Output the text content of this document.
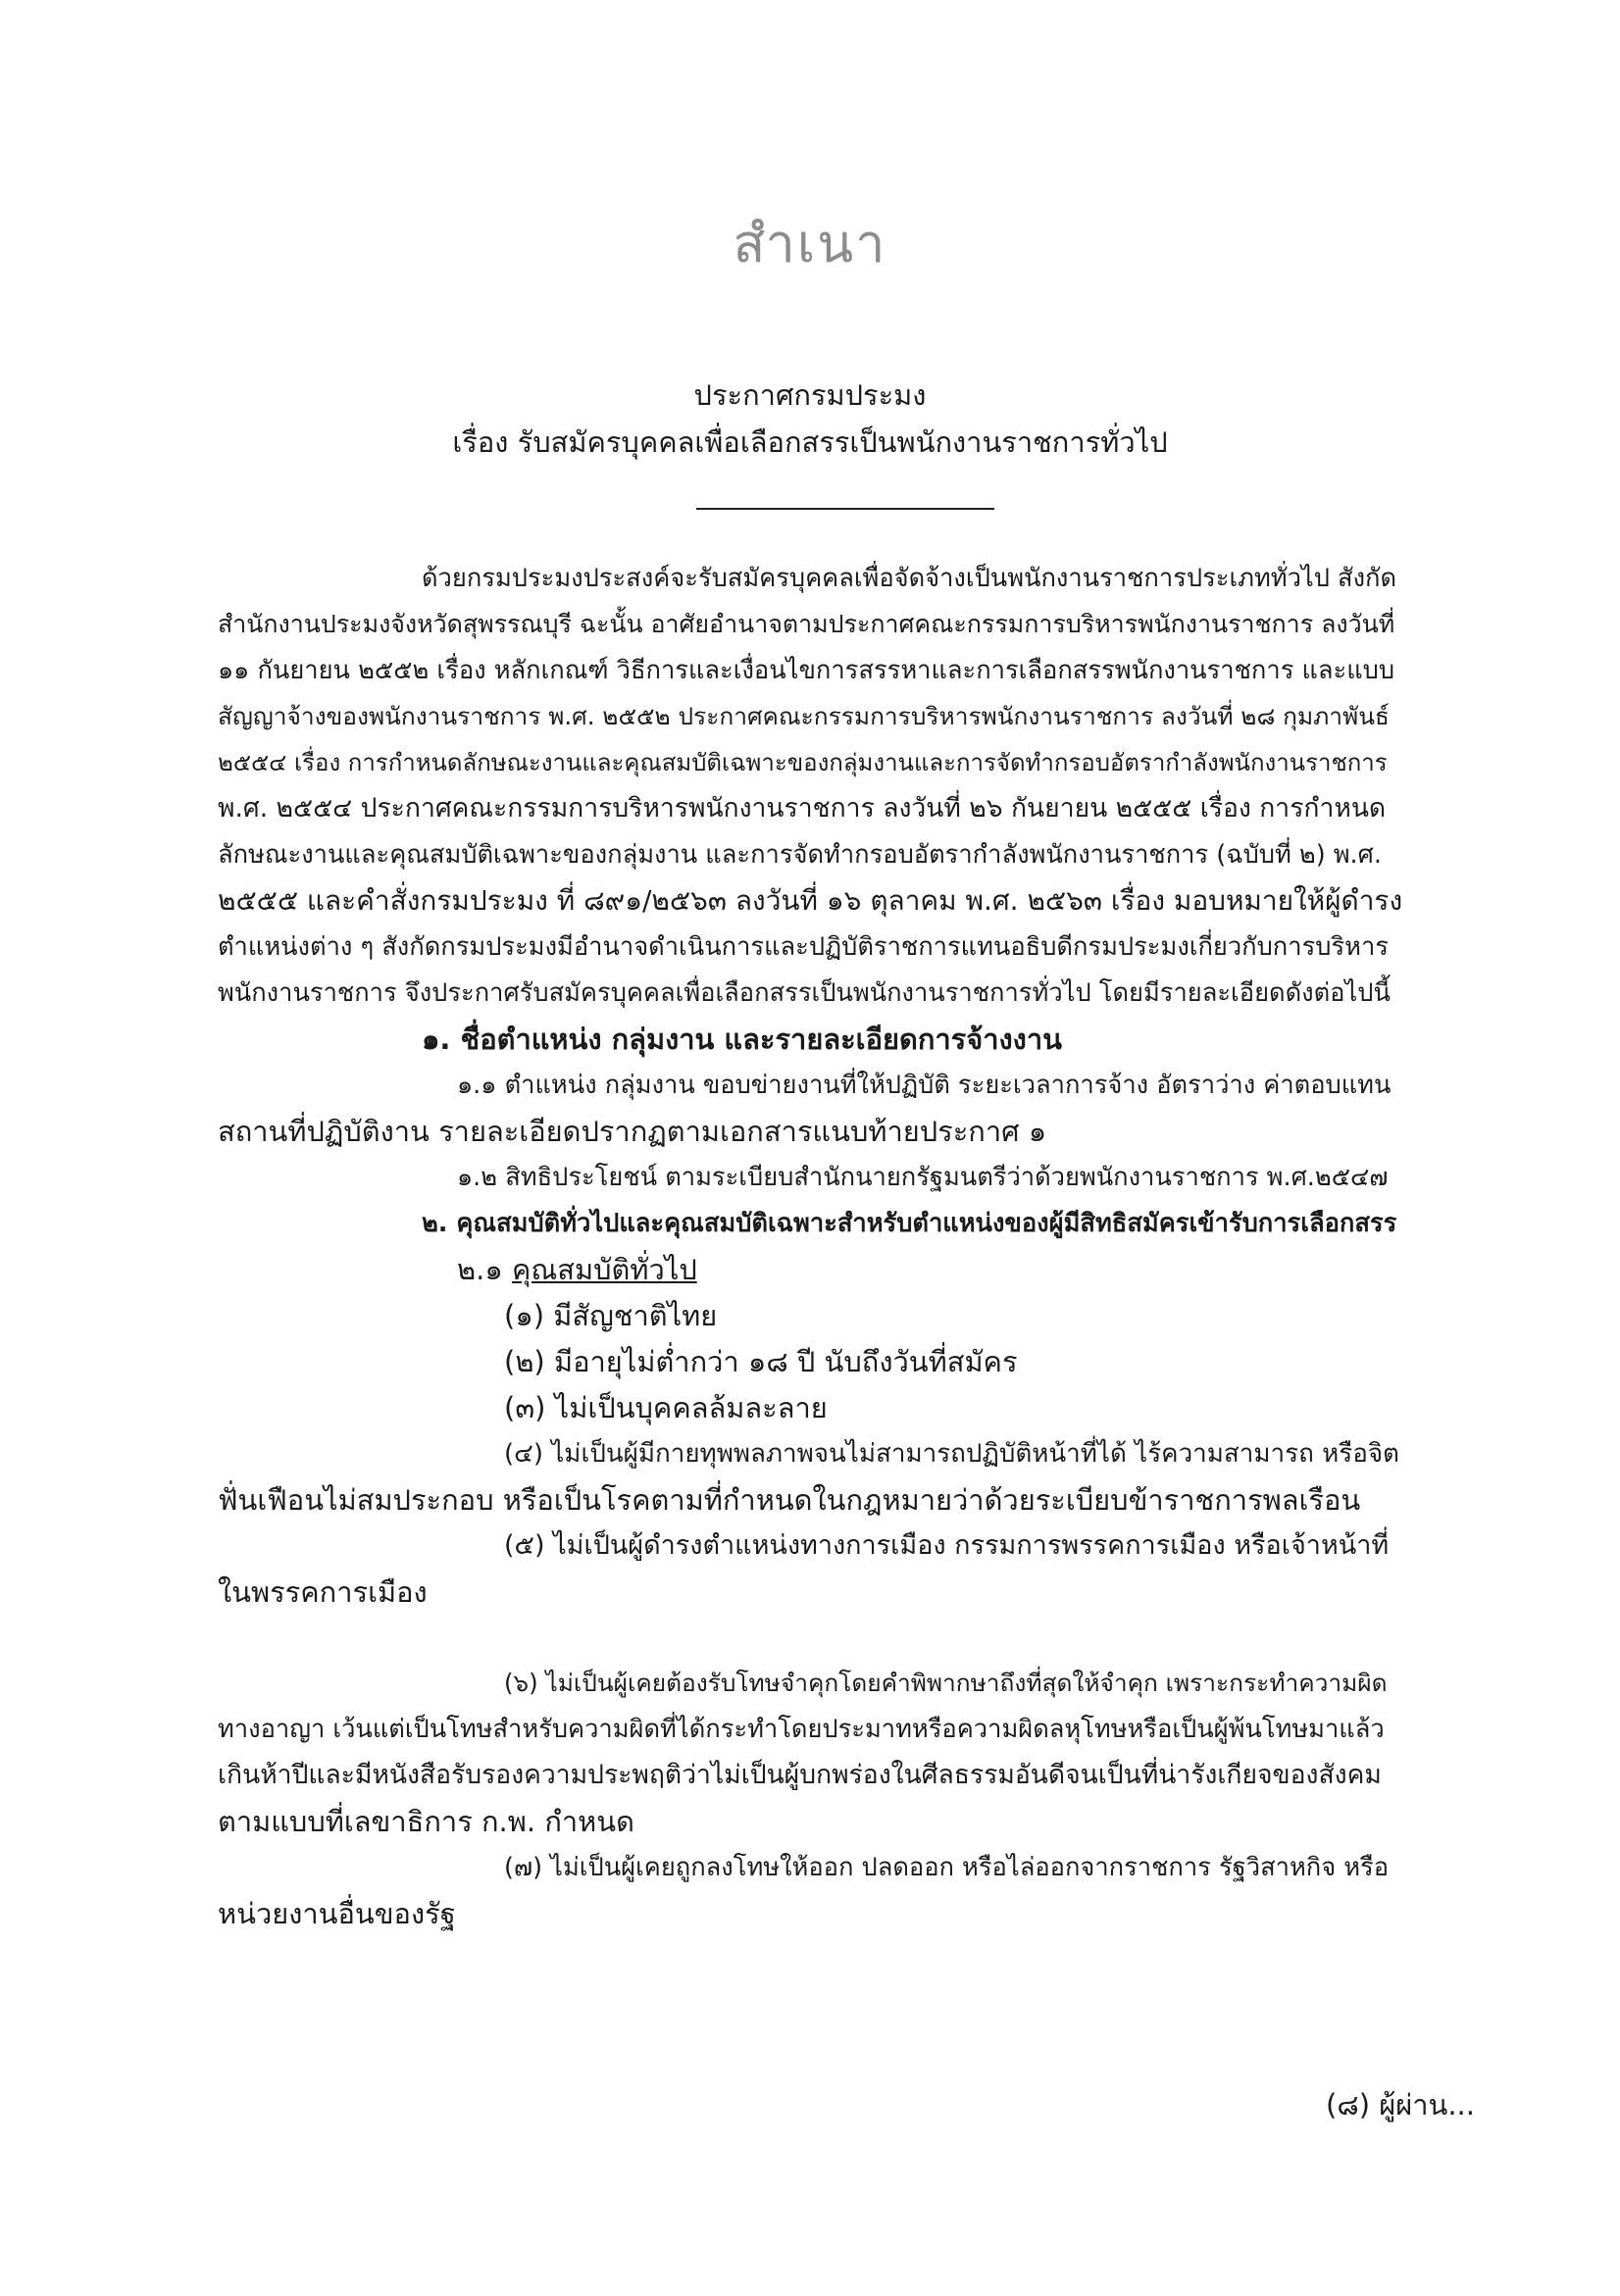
สำเนา
ประกาศกรมประมง
เรื่อง รับสมัครบุคคลเพื่อเลือกสรรเป็นพนักงานราชการทั่วไป
ด้วยกรมประมงประสงค์จะรับสมัครบุคคลเพื่อจัดจ้างเป็นพนักงานราชการประเภททั่วไป สังกัด
สำนักงานประมงจังหวัดสุพรรณบุรี ฉะนั้น อาศัยอำนาจตามประกาศคณะกรรมการบริหารพนักงานราชการ ลงวันที่
๑๑ กันยายน ๒๕๕๒ เรื่อง หลักเกณฑ์ วิธีการและเงื่อนไขการสรรหาและการเลือกสรรพนักงานราชการ และแบบ
สัญญาจ้างของพนักงานราชการ พ.ศ. ๒๕๕๒ ประกาศคณะกรรมการบริหารพนักงานราชการ ลงวันที่ ๒๘ กุมภาพันธ์
๒๕๕๔ เรื่อง การกำหนดลักษณะงานและคุณสมบัติเฉพาะของกลุ่มงานและการจัดทำกรอบอัตรากำลังพนักงานราชการ
พ.ศ. ๒๕๕๔ ประกาศคณะกรรมการบริหารพนักงานราชการ ลงวันที่ ๒๖ กันยายน ๒๕๕๕ เรื่อง การกำหนด
ลักษณะงานและคุณสมบัติเฉพาะของกลุ่มงาน และการจัดทำกรอบอัตรากำลังพนักงานราชการ (ฉบับที่ ๒) พ.ศ.
๒๕๕๕ และคำสั่งกรมประมง ที่ ๘๙๑/๒๕๖๓ ลงวันที่ ๑๖ ตุลาคม พ.ศ. ๒๕๖๓ เรื่อง มอบหมายให้ผู้ดำรง
ตำแหน่งต่าง ๆ สังกัดกรมประมงมีอำนาจดำเนินการและปฏิบัติราชการแทนอธิบดีกรมประมงเกี่ยวกับการบริหาร
พนักงานราชการ จึงประกาศรับสมัครบุคคลเพื่อเลือกสรรเป็นพนักงานราชการทั่วไป โดยมีรายละเอียดดังต่อไปนี้
๑. ชื่อตำแหน่ง กลุ่มงาน และรายละเอียดการจ้างงาน
๑.๑ ตำแหน่ง กลุ่มงาน ขอบข่ายงานที่ให้ปฏิบัติ ระยะเวลาการจ้าง อัตราว่าง ค่าตอบแทน
สถานที่ปฏิบัติงาน รายละเอียดปรากฏตามเอกสารแนบท้ายประกาศ ๑
๑.๒ สิทธิประโยชน์ ตามระเบียบสำนักนายกรัฐมนตรีว่าด้วยพนักงานราชการ พ.ศ.๒๕๔๗
๒. คุณสมบัติทั่วไปและคุณสมบัติเฉพาะสำหรับตำแหน่งของผู้มีสิทธิสมัครเข้ารับการเลือกสรร
๒.๑ คุณสมบัติทั่วไป
(๑) มีสัญชาติไทย
(๒) มีอายุไม่ต่ำกว่า ๑๘ ปี นับถึงวันที่สมัคร
(๓) ไม่เป็นบุคคลล้มละลาย
(๔) ไม่เป็นผู้มีกายทุพพลภาพจนไม่สามารถปฏิบัติหน้าที่ได้ ไร้ความสามารถ หรือจิต
ฟั่นเฟือนไม่สมประกอบ หรือเป็นโรคตามที่กำหนดในกฎหมายว่าด้วยระเบียบข้าราชการพลเรือน
(๕) ไม่เป็นผู้ดำรงตำแหน่งทางการเมือง กรรมการพรรคการเมือง หรือเจ้าหน้าที่
ในพรรคการเมือง
(๖) ไม่เป็นผู้เคยต้องรับโทษจำคุกโดยคำพิพากษาถึงที่สุดให้จำคุก เพราะกระทำความผิด
ทางอาญา เว้นแต่เป็นโทษสำหรับความผิดที่ได้กระทำโดยประมาทหรือความผิดลหุโทษหรือเป็นผู้พ้นโทษมาแล้ว
เกินห้าปีและมีหนังสือรับรองความประพฤติว่าไม่เป็นผู้บกพร่องในศีลธรรมอันดีจนเป็นที่น่ารังเกียจของสังคม
ตามแบบที่เลขาธิการ ก.พ. กำหนด
(๗) ไม่เป็นผู้เคยถูกลงโทษให้ออก ปลดออก หรือไล่ออกจากราชการ รัฐวิสาหกิจ หรือ
หน่วยงานอื่นของรัฐ
(๘) ผู้ผ่าน...
